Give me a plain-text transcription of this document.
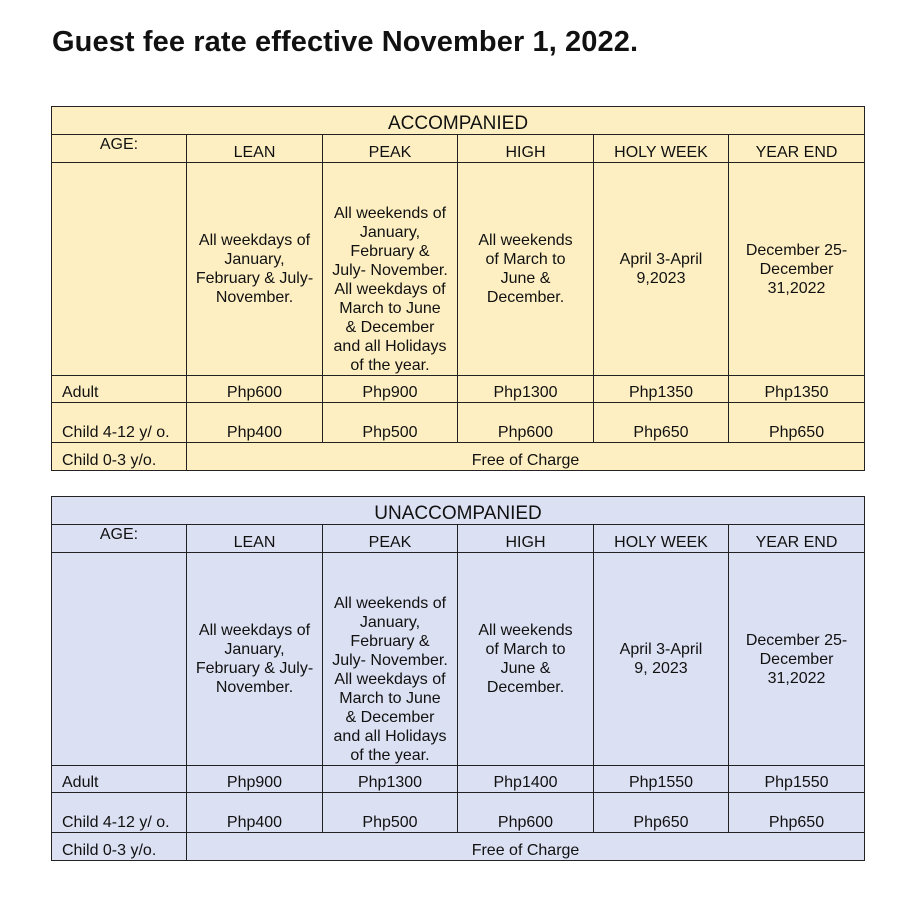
Guest fee rate effective November 1, 2022.
ACCOMPANIED					
AGE:	LEAN	PEAK	HIGH	HOLY WEEK	YEAR END

	All weekdays of January, February & July- November.	All weekends of January, February & July- November. All weekdays of March to June & December and all Holidays of the year.	All weekends of March to June & December.	April 3-April 9,2023	December 25- December 31,2022

Adult	Php600	Php900	Php1300	Php1350	Php1350
Child 4-12 y/ o.	Php400	Php500	Php600	Php650	Php650
Child 0-3 y/o.	Free of Charge				
UNACCOMPANIED					
AGE:	LEAN	PEAK	HIGH	HOLY WEEK	YEAR END

	All weekdays of January, February & July- November.	All weekends of January, February & July- November. All weekdays of March to June & December and all Holidays of the year.	All weekends of March to June & December.	April 3-April 9, 2023	December 25- December 31,2022

Adult	Php900	Php1300	Php1400	Php1550	Php1550
Child 4-12 y/ o.	Php400	Php500	Php600	Php650	Php650
Child 0-3 y/o.	Free of Charge				
